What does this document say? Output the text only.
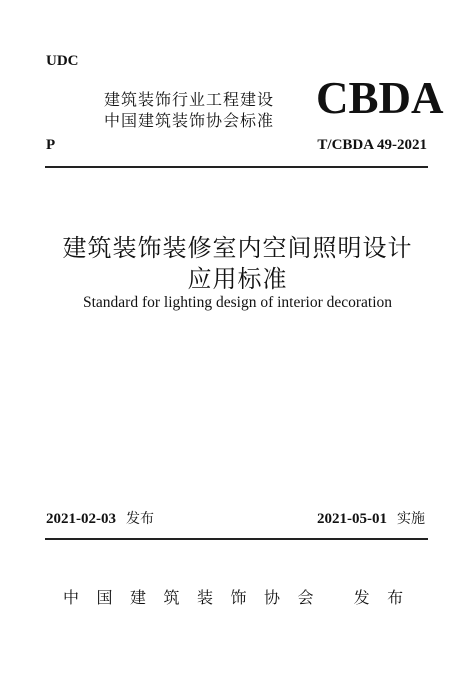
UDC
建筑装饰行业工程建设
中国建筑装饰协会标准 CBDA
P	T/CBDA 49-2021
建筑装饰装修室内空间照明设计
应用标准
Standard for lighting design of interior decoration
2021-02-03 发布	2021-05-01 实施
中国建筑装饰协会 发布
